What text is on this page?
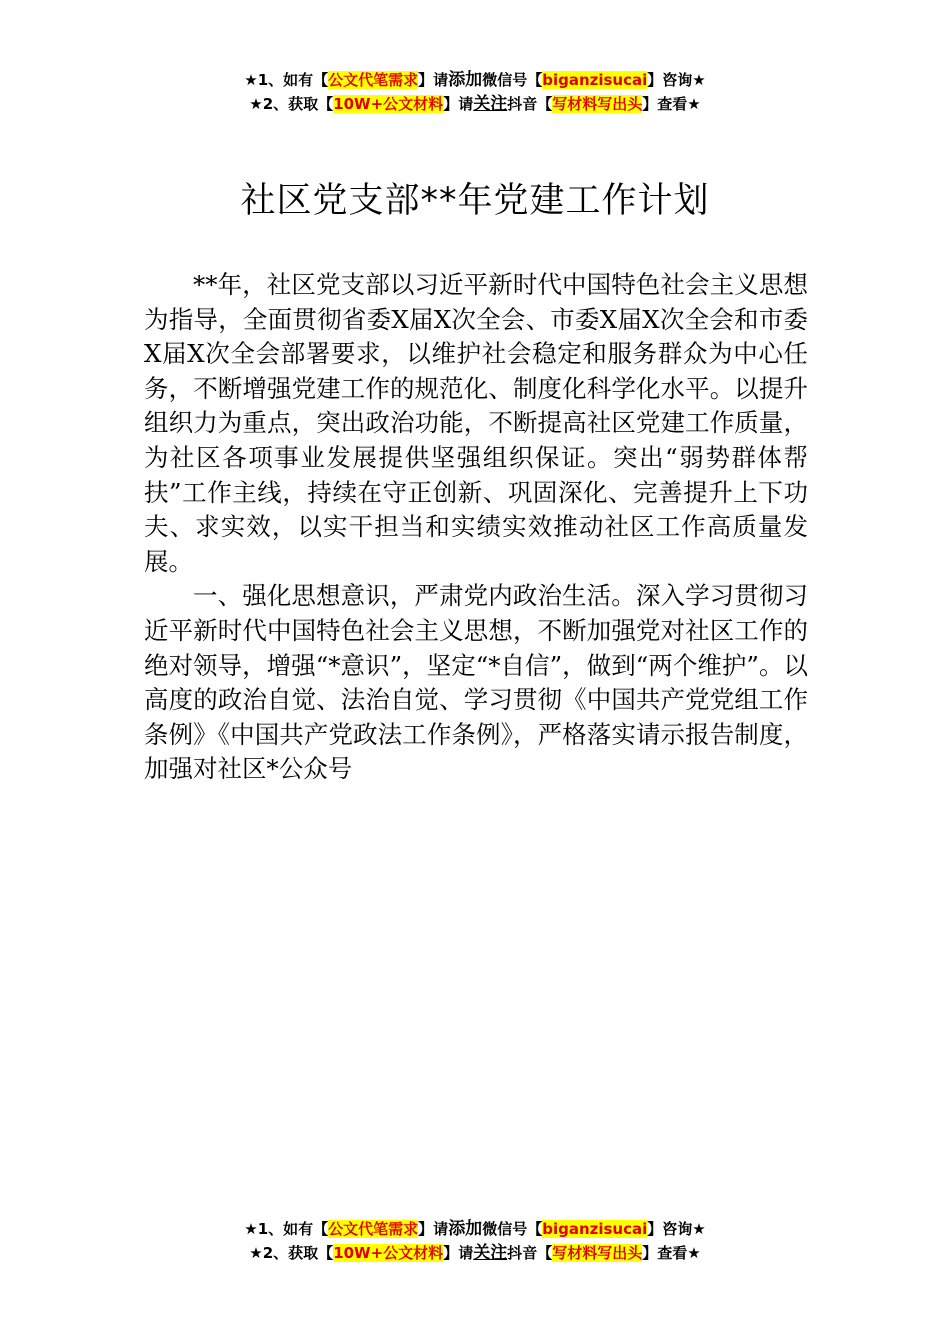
★1、如有【公文代笔需求】请添加微信号【biganzisucai】咨询★
★2、获取【10W+公文材料】请关注抖音【写材料写出头】查看★
社区党支部**年党建工作计划

**年，社区党支部以习近平新时代中国特色社会主义思想为指导，全面贯彻省委X届X次全会、市委X届X次全会和市委X届X次全会部署要求，以维护社会稳定和服务群众为中心任务，不断增强党建工作的规范化、制度化科学化水平。以提升组织力为重点，突出政治功能，不断提高社区党建工作质量，为社区各项事业发展提供坚强组织保证。突出“弱势群体帮扶”工作主线，持续在守正创新、巩固深化、完善提升上下功夫、求实效，以实干担当和实绩实效推动社区工作高质量发展。

一、强化思想意识，严肃党内政治生活。深入学习贯彻习近平新时代中国特色社会主义思想，不断加强党对社区工作的绝对领导，增强“*意识”，坚定“*自信”，做到“两个维护”。以高度的政治自觉、法治自觉、学习贯彻《中国共产党党组工作条例》《中国共产党政法工作条例》，严格落实请示报告制度，加强对社区*公众号

★1、如有【公文代笔需求】请添加微信号【biganzisucai】咨询★
★2、获取【10W+公文材料】请关注抖音【写材料写出头】查看★
